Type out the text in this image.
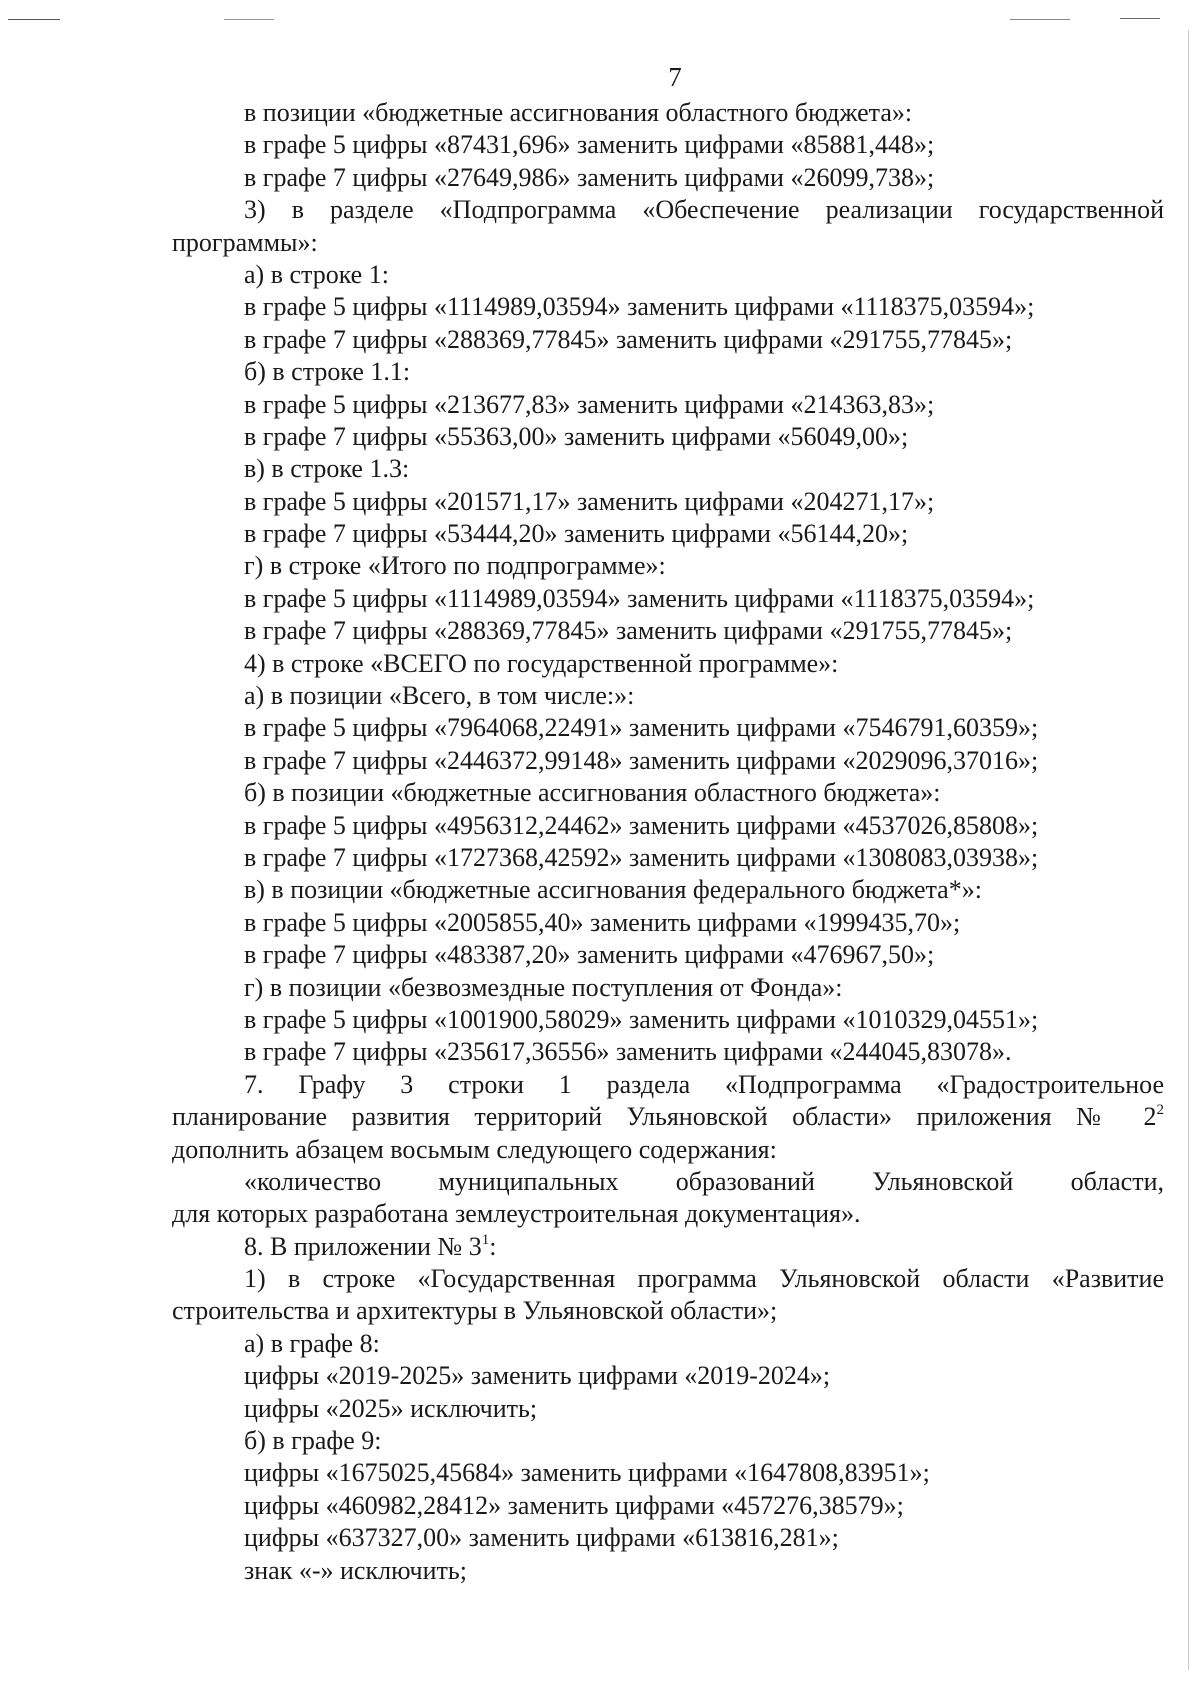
7
в позиции «бюджетные ассигнования областного бюджета»:
в графе 5 цифры «87431,696» заменить цифрами «85881,448»;
в графе 7 цифры «27649,986» заменить цифрами «26099,738»;
3) в разделе «Подпрограмма «Обеспечение реализации государственной
программы»:
а) в строке 1:
в графе 5 цифры «1114989,03594» заменить цифрами «1118375,03594»;
в графе 7 цифры «288369,77845» заменить цифрами «291755,77845»;
б) в строке 1.1:
в графе 5 цифры «213677,83» заменить цифрами «214363,83»;
в графе 7 цифры «55363,00» заменить цифрами «56049,00»;
в) в строке 1.3:
в графе 5 цифры «201571,17» заменить цифрами «204271,17»;
в графе 7 цифры «53444,20» заменить цифрами «56144,20»;
г) в строке «Итого по подпрограмме»:
в графе 5 цифры «1114989,03594» заменить цифрами «1118375,03594»;
в графе 7 цифры «288369,77845» заменить цифрами «291755,77845»;
4) в строке «ВСЕГО по государственной программе»:
а) в позиции «Всего, в том числе:»:
в графе 5 цифры «7964068,22491» заменить цифрами «7546791,60359»;
в графе 7 цифры «2446372,99148» заменить цифрами «2029096,37016»;
б) в позиции «бюджетные ассигнования областного бюджета»:
в графе 5 цифры «4956312,24462» заменить цифрами «4537026,85808»;
в графе 7 цифры «1727368,42592» заменить цифрами «1308083,03938»;
в) в позиции «бюджетные ассигнования федерального бюджета*»:
в графе 5 цифры «2005855,40» заменить цифрами «1999435,70»;
в графе 7 цифры «483387,20» заменить цифрами «476967,50»;
г) в позиции «безвозмездные поступления от Фонда»:
в графе 5 цифры «1001900,58029» заменить цифрами «1010329,04551»;
в графе 7 цифры «235617,36556» заменить цифрами «244045,83078».
7. Графу 3 строки 1 раздела «Подпрограмма «Градостроительное
планирование развития территорий Ульяновской области» приложения № $2^2$
дополнить абзацем восьмым следующего содержания:
«количество муниципальных образований Ульяновской области,
для которых разработана землеустроительная документация».
8. В приложении № $3^1$:
1) в строке «Государственная программа Ульяновской области «Развитие
строительства и архитектуры в Ульяновской области»;
а) в графе 8:
цифры «2019-2025» заменить цифрами «2019-2024»;
цифры «2025» исключить;
б) в графе 9:
цифры «1675025,45684» заменить цифрами «1647808,83951»;
цифры «460982,28412» заменить цифрами «457276,38579»;
цифры «637327,00» заменить цифрами «613816,281»;
знак «-» исключить;
